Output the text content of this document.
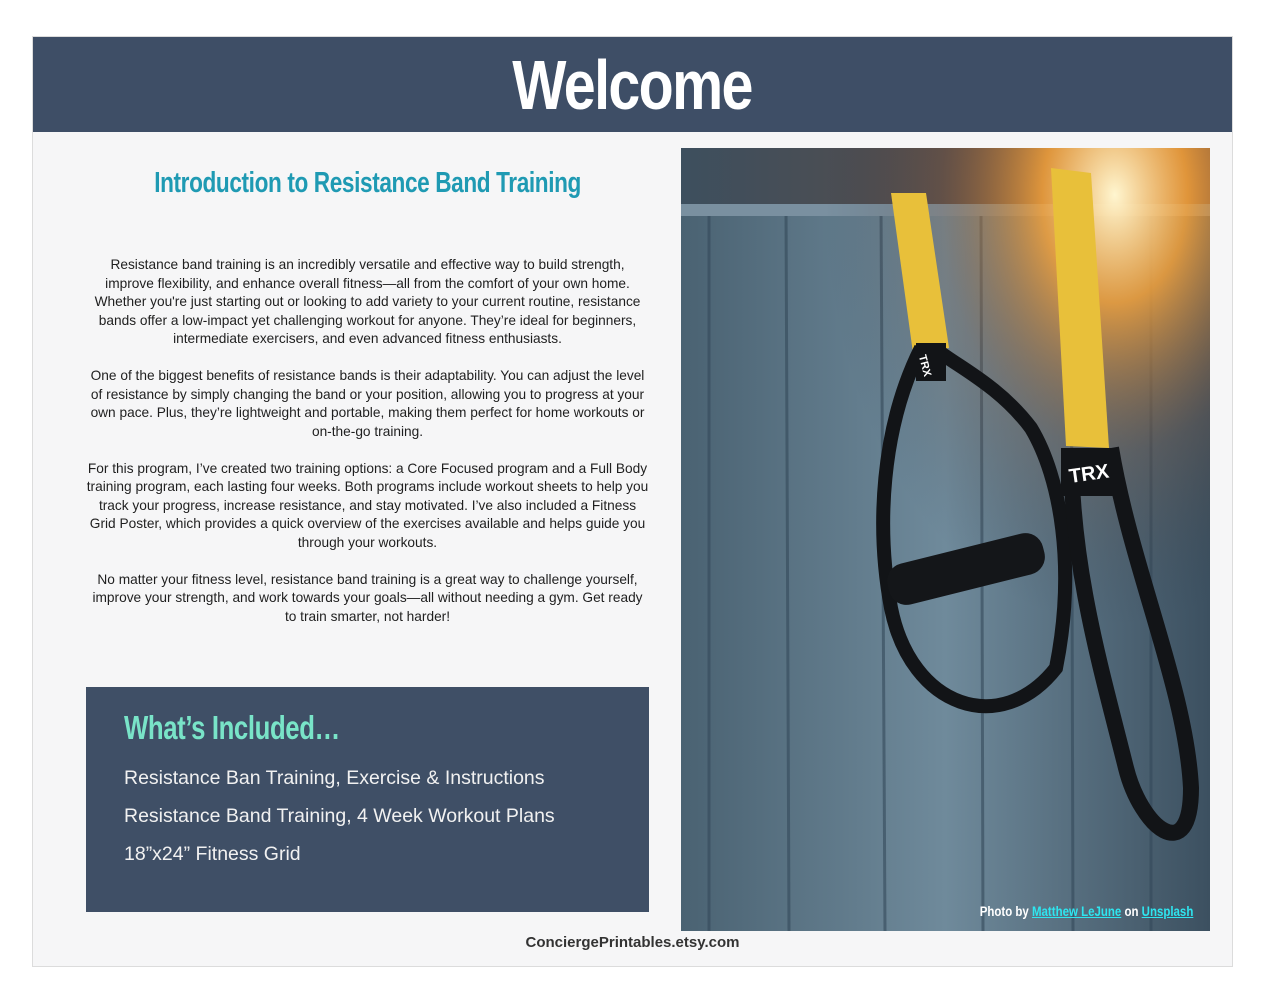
Welcome
Introduction to Resistance Band Training

Resistance band training is an incredibly versatile and effective way to build strength, improve flexibility, and enhance overall fitness—all from the comfort of your own home. Whether you're just starting out or looking to add variety to your current routine, resistance bands offer a low-impact yet challenging workout for anyone. They’re ideal for beginners, intermediate exercisers, and even advanced fitness enthusiasts.

One of the biggest benefits of resistance bands is their adaptability. You can adjust the level of resistance by simply changing the band or your position, allowing you to progress at your own pace. Plus, they’re lightweight and portable, making them perfect for home workouts or on-the-go training.

For this program, I’ve created two training options: a Core Focused program and a Full Body training program, each lasting four weeks. Both programs include workout sheets to help you track your progress, increase resistance, and stay motivated. I’ve also included a Fitness Grid Poster, which provides a quick overview of the exercises available and helps guide you through your workouts.

No matter your fitness level, resistance band training is a great way to challenge yourself, improve your strength, and work towards your goals—all without needing a gym. Get ready to train smarter, not harder!

What’s Included…
Resistance Ban Training, Exercise & Instructions
Resistance Band Training, 4 Week Workout Plans
18”x24” Fitness Grid
TRX
TRX
Photo by Matthew LeJune on Unsplash
ConciergePrintables.etsy.com
